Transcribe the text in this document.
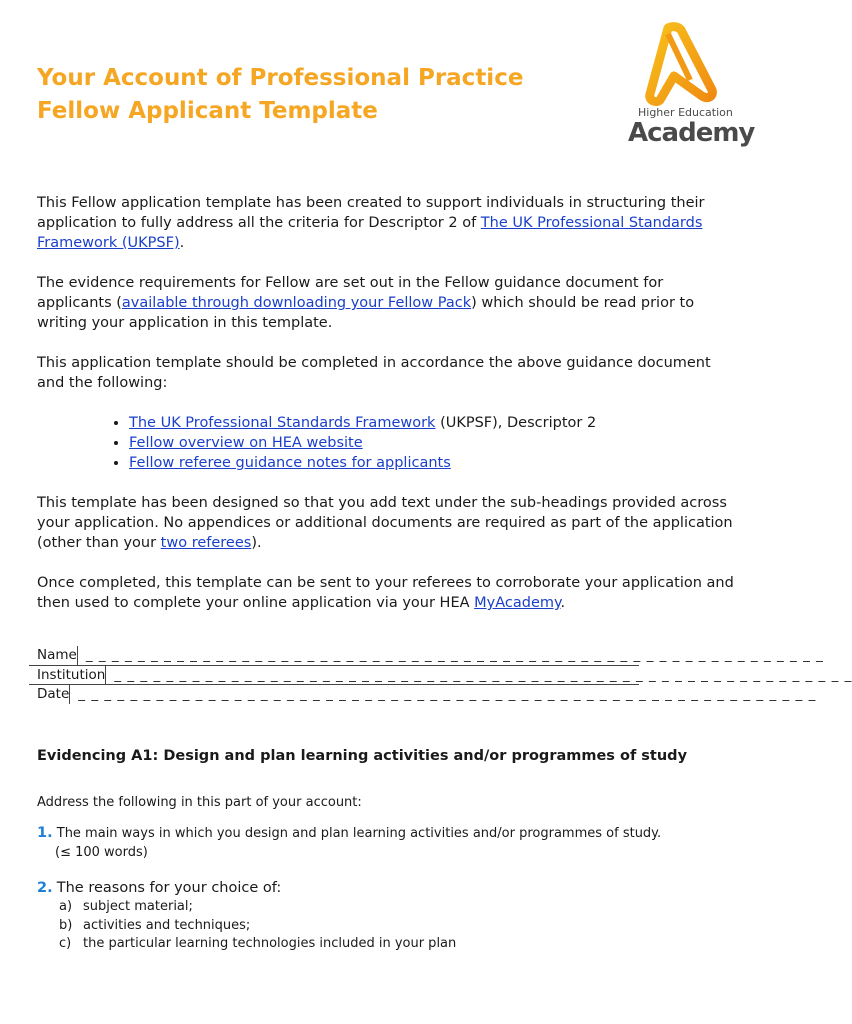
Your Account of Professional Practice
Fellow Applicant Template	Higher Education
Academy

This Fellow application template has been created to support individuals in structuring their application to fully address all the criteria for Descriptor 2 of The UK Professional Standards Framework (UKPSF).

The evidence requirements for Fellow are set out in the Fellow guidance document for applicants (available through downloading your Fellow Pack) which should be read prior to writing your application in this template.

This application template should be completed in accordance the above guidance document and the following:

• The UK Professional Standards Framework (UKPSF), Descriptor 2
• Fellow overview on HEA website
• Fellow referee guidance notes for applicants

This template has been designed so that you add text under the sub-headings provided across your application. No appendices or additional documents are required as part of the application (other than your two referees).

Once completed, this template can be sent to your referees to corroborate your application and then used to complete your online application via your HEA MyAcademy.

Name _ _ _ _ _ _ _ _ _ _ _ _ _ _ _ _ _ _ _ _ _ _ _ _ _ _ _ _ _ _ _ _ _ _ _ _ _ _ _ _ _ _ _ _ _ _ _ _ _ _ _ _ _ _ _ _ _
Institution _ _ _ _ _ _ _ _ _ _ _ _ _ _ _ _ _ _ _ _ _ _ _ _ _ _ _ _ _ _ _ _ _ _ _ _ _ _ _ _ _ _ _ _ _ _ _ _ _ _ _ _ _ _ _ _ _
Date _ _ _ _ _ _ _ _ _ _ _ _ _ _ _ _ _ _ _ _ _ _ _ _ _ _ _ _ _ _ _ _ _ _ _ _ _ _ _ _ _ _ _ _ _ _ _ _ _ _ _ _ _ _ _ _ _
Evidencing A1: Design and plan learning activities and/or programmes of study
Address the following in this part of your account:
1. The main ways in which you design and plan learning activities and/or programmes of study.
(≤ 100 words)
2. The reasons for your choice of:
a) subject material;
b) activities and techniques;
c) the particular learning technologies included in your plan
